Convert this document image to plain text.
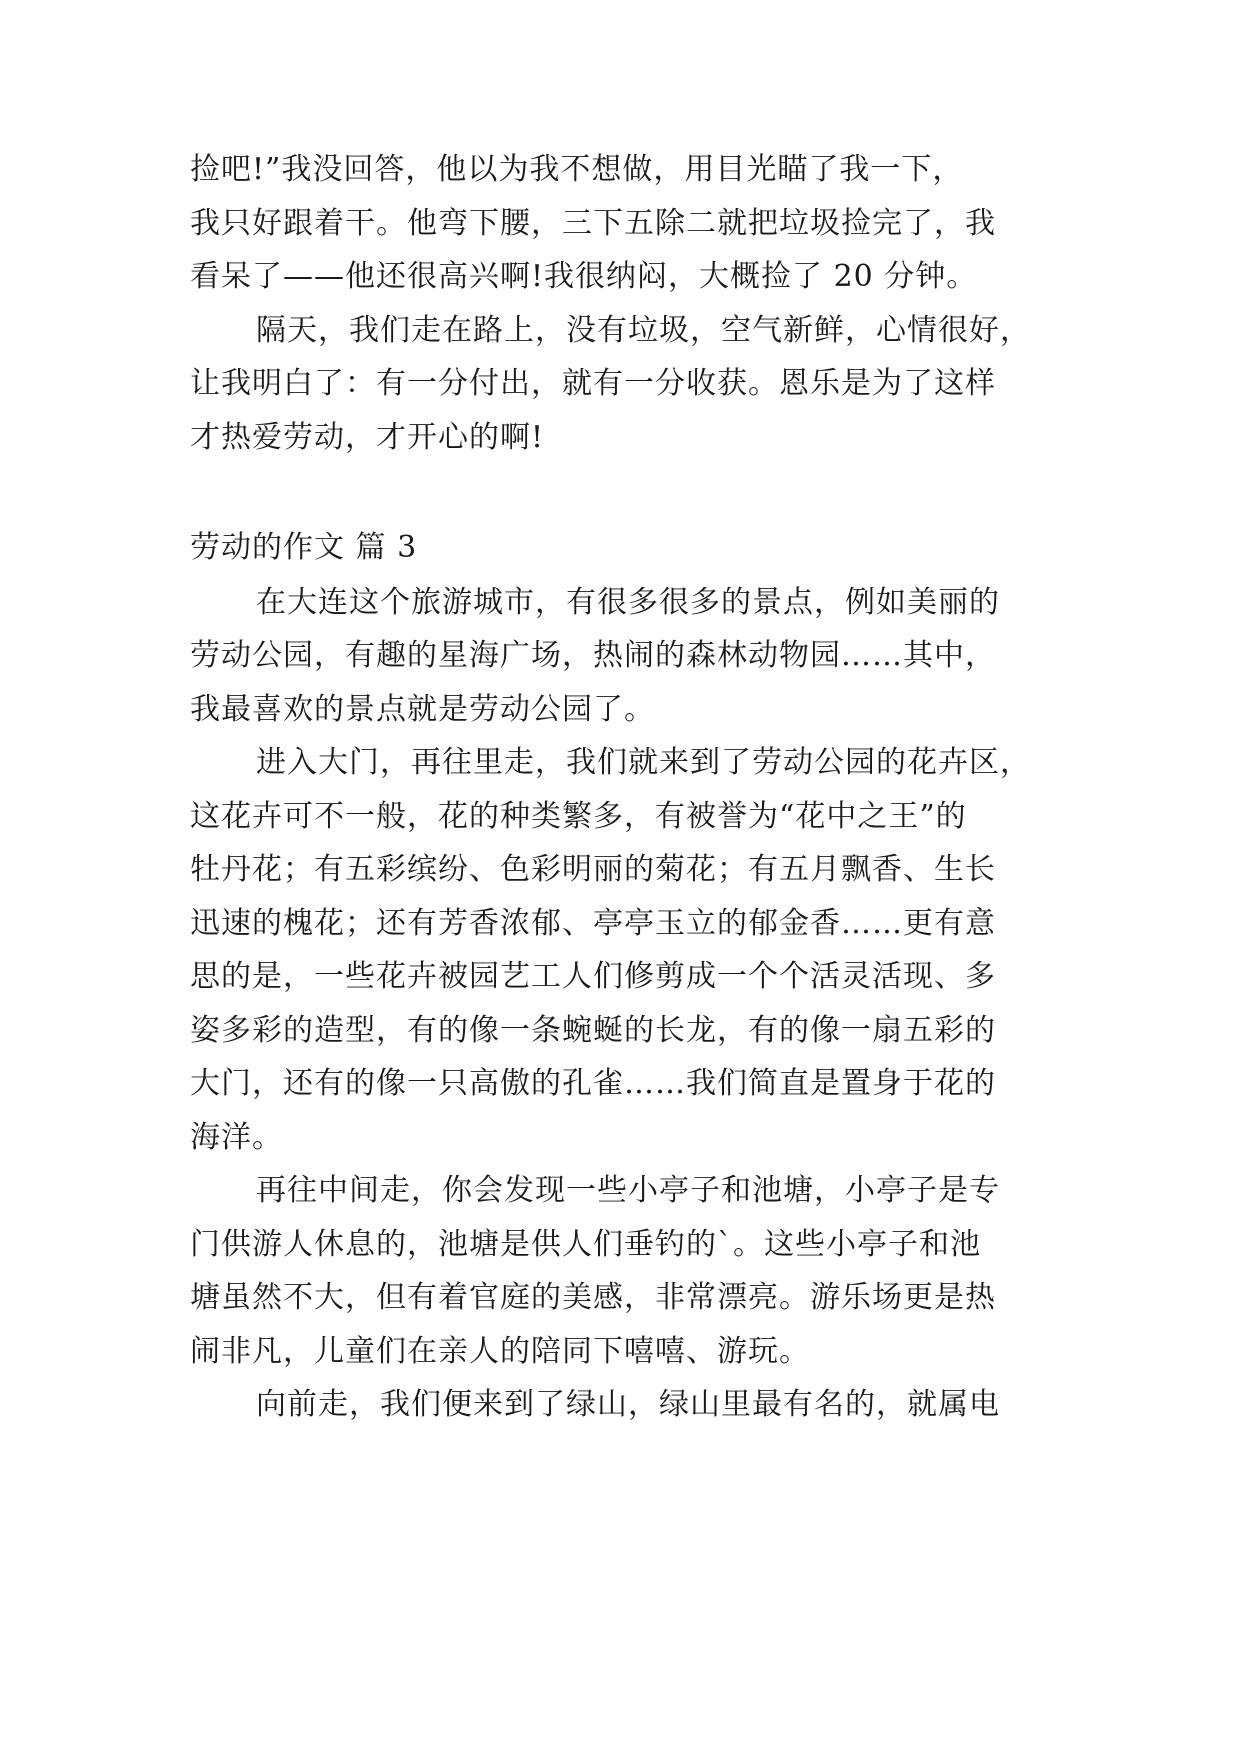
捡吧!”我没回答，他以为我不想做，用目光瞄了我一下，
我只好跟着干。他弯下腰，三下五除二就把垃圾捡完了，我
看呆了——他还很高兴啊!我很纳闷，大概捡了 20 分钟。
隔天，我们走在路上，没有垃圾，空气新鲜，心情很好，
让我明白了：有一分付出，就有一分收获。恩乐是为了这样
才热爱劳动，才开心的啊!
劳动的作文 篇 3
在大连这个旅游城市，有很多很多的景点，例如美丽的
劳动公园，有趣的星海广场，热闹的森林动物园……其中，
我最喜欢的景点就是劳动公园了。
进入大门，再往里走，我们就来到了劳动公园的花卉区，
这花卉可不一般，花的种类繁多，有被誉为“花中之王”的
牡丹花；有五彩缤纷、色彩明丽的菊花；有五月飘香、生长
迅速的槐花；还有芳香浓郁、亭亭玉立的郁金香……更有意
思的是，一些花卉被园艺工人们修剪成一个个活灵活现、多
姿多彩的造型，有的像一条蜿蜒的长龙，有的像一扇五彩的
大门，还有的像一只高傲的孔雀……我们简直是置身于花的
海洋。
再往中间走，你会发现一些小亭子和池塘，小亭子是专
门供游人休息的，池塘是供人们垂钓的`。这些小亭子和池
塘虽然不大，但有着官庭的美感，非常漂亮。游乐场更是热
闹非凡，儿童们在亲人的陪同下嘻嘻、游玩。
向前走，我们便来到了绿山，绿山里最有名的，就属电
